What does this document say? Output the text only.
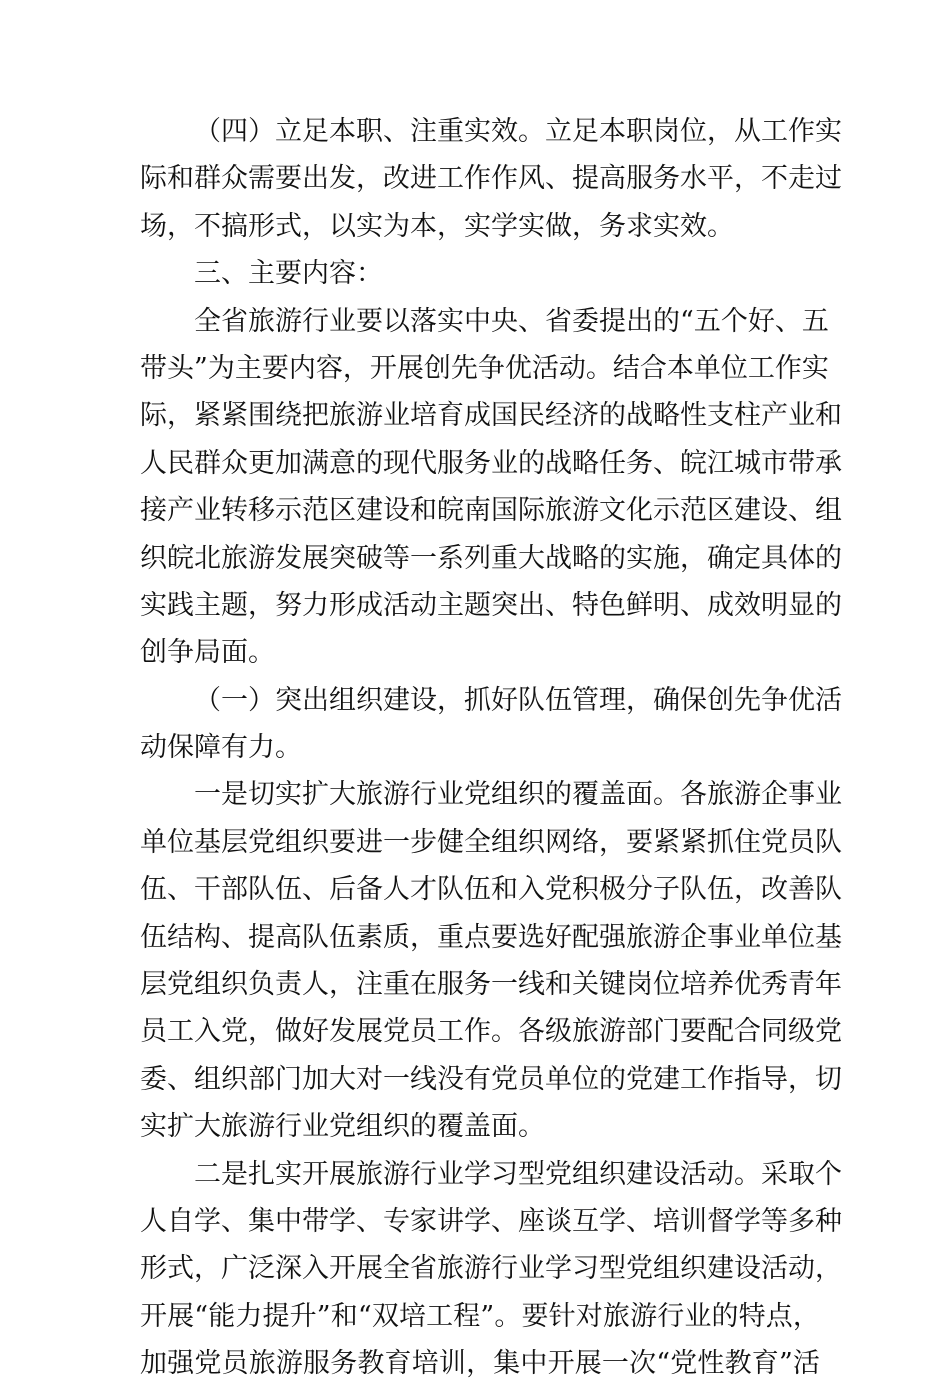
（ 四 ） 立 足 本 职 、 注 重 实 效 。 立 足 本 职 岗 位 ， 从 工 作 实
际 和 群 众 需 要 出 发 ， 改 进 工 作 作 风 、 提 高 服 务 水 平 ， 不 走 过
场，不搞形式，以实为本，实学实做，务求实效。
三、主要内容：
全 省 旅 游 行 业 要 以 落 实 中 央 、 省 委 提 出 的 “ 五 个 好 、 五
带 头 ” 为 主 要 内 容 ， 开 展 创 先 争 优 活 动 。 结 合 本 单 位 工 作 实
际 ， 紧 紧 围 绕 把 旅 游 业 培 育 成 国 民 经 济 的 战 略 性 支 柱 产 业 和
人 民 群 众 更 加 满 意 的 现 代 服 务 业 的 战 略 任 务 、 皖 江 城 市 带 承
接 产 业 转 移 示 范 区 建 设 和 皖 南 国 际 旅 游 文 化 示 范 区 建 设 、 组
织 皖 北 旅 游 发 展 突 破 等 一 系 列 重 大 战 略 的 实 施 ， 确 定 具 体 的
实 践 主 题 ， 努 力 形 成 活 动 主 题 突 出 、 特 色 鲜 明 、 成 效 明 显 的
创争局面。
（ 一 ） 突 出 组 织 建 设 ， 抓 好 队 伍 管 理 ， 确 保 创 先 争 优 活
动保障有力。
一 是 切 实 扩 大 旅 游 行 业 党 组 织 的 覆 盖 面 。 各 旅 游 企 事 业
单 位 基 层 党 组 织 要 进 一 步 健 全 组 织 网 络 ， 要 紧 紧 抓 住 党 员 队
伍 、 干 部 队 伍 、 后 备 人 才 队 伍 和 入 党 积 极 分 子 队 伍 ， 改 善 队
伍 结 构 、 提 高 队 伍 素 质 ， 重 点 要 选 好 配 强 旅 游 企 事 业 单 位 基
层 党 组 织 负 责 人 ， 注 重 在 服 务 一 线 和 关 键 岗 位 培 养 优 秀 青 年
员 工 入 党 ， 做 好 发 展 党 员 工 作 。 各 级 旅 游 部 门 要 配 合 同 级 党
委 、 组 织 部 门 加 大 对 一 线 没 有 党 员 单 位 的 党 建 工 作 指 导 ， 切
实扩大旅游行业党组织的覆盖面。
二 是 扎 实 开 展 旅 游 行 业 学 习 型 党 组 织 建 设 活 动 。 采 取 个
人 自 学 、 集 中 带 学 、 专 家 讲 学 、 座 谈 互 学 、 培 训 督 学 等 多 种
形 式 ， 广 泛 深 入 开 展 全 省 旅 游 行 业 学 习 型 党 组 织 建 设 活 动 ，
开 展 “ 能 力 提 升 ” 和 “ 双 培 工 程 ” 。 要 针 对 旅 游 行 业 的 特 点 ，
加 强 党 员 旅 游 服 务 教 育 培 训 ， 集 中 开 展 一 次 “ 党 性 教 育 ” 活
